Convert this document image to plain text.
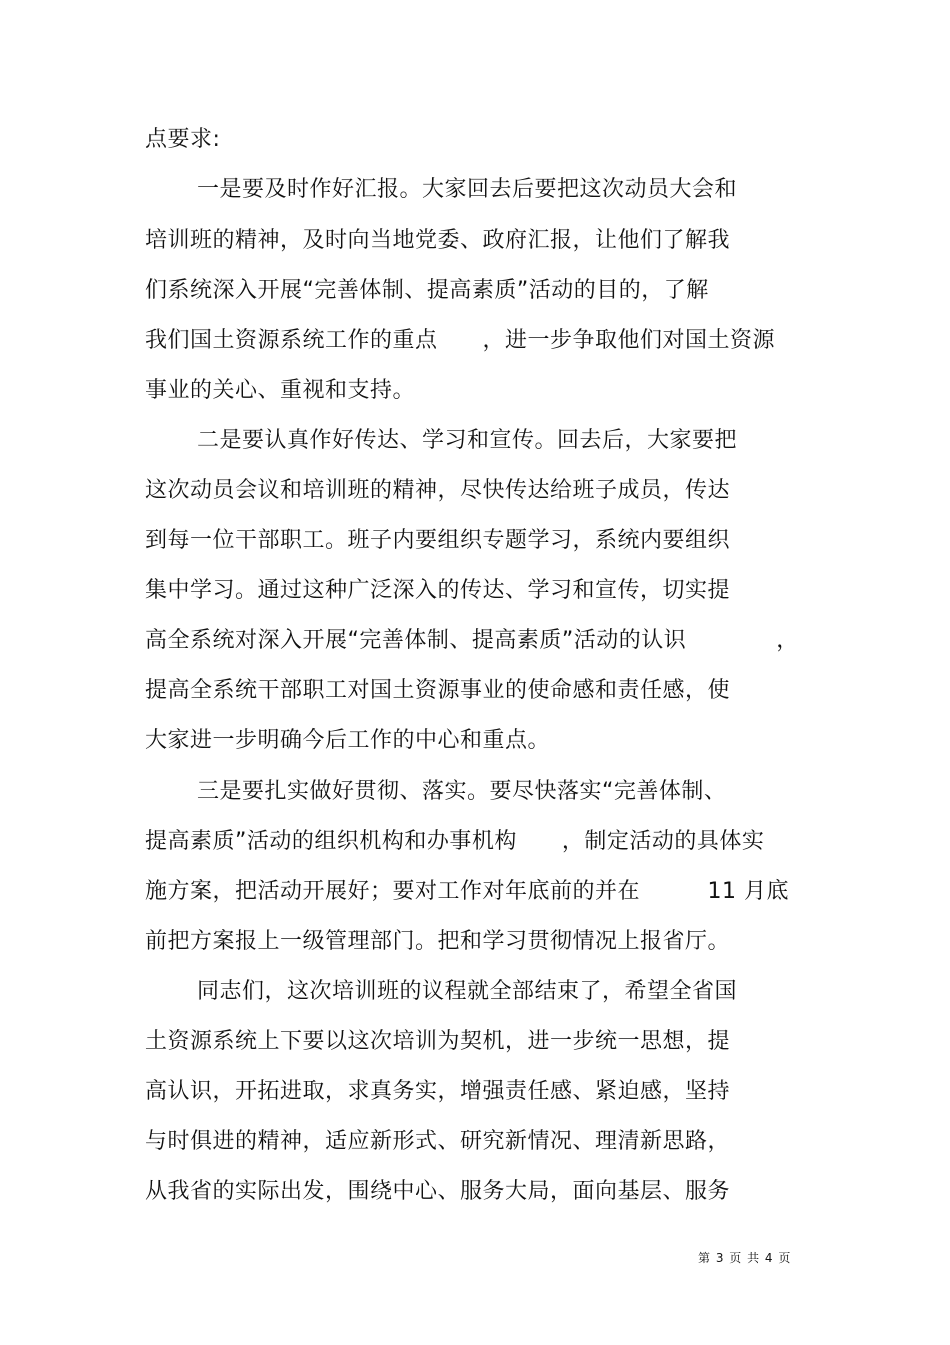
点要求:
一是要及时作好汇报。大家回去后要把这次动员大会和
培训班的精神，及时向当地党委、政府汇报，让他们了解我
们系统深入开展“完善体制、提高素质”活动的目的，了解
我们国土资源系统工作的重点　　，进一步争取他们对国土资源
事业的关心、重视和支持。
二是要认真作好传达、学习和宣传。回去后，大家要把
这次动员会议和培训班的精神，尽快传达给班子成员，传达
到每一位干部职工。班子内要组织专题学习，系统内要组织
集中学习。通过这种广泛深入的传达、学习和宣传，切实提
高全系统对深入开展“完善体制、提高素质”活动的认识　　　　，
提高全系统干部职工对国土资源事业的使命感和责任感，使
大家进一步明确今后工作的中心和重点。
三是要扎实做好贯彻、落实。要尽快落实“完善体制、
提高素质”活动的组织机构和办事机构　　，制定活动的具体实
施方案，把活动开展好；要对工作对年底前的并在　　　11 月底
前把方案报上一级管理部门。把和学习贯彻情况上报省厅。
同志们，这次培训班的议程就全部结束了，希望全省国
土资源系统上下要以这次培训为契机，进一步统一思想，提
高认识，开拓进取，求真务实，增强责任感、紧迫感，坚持
与时俱进的精神，适应新形式、研究新情况、理清新思路，
从我省的实际出发，围绕中心、服务大局，面向基层、服务
第 3 页 共 4 页
